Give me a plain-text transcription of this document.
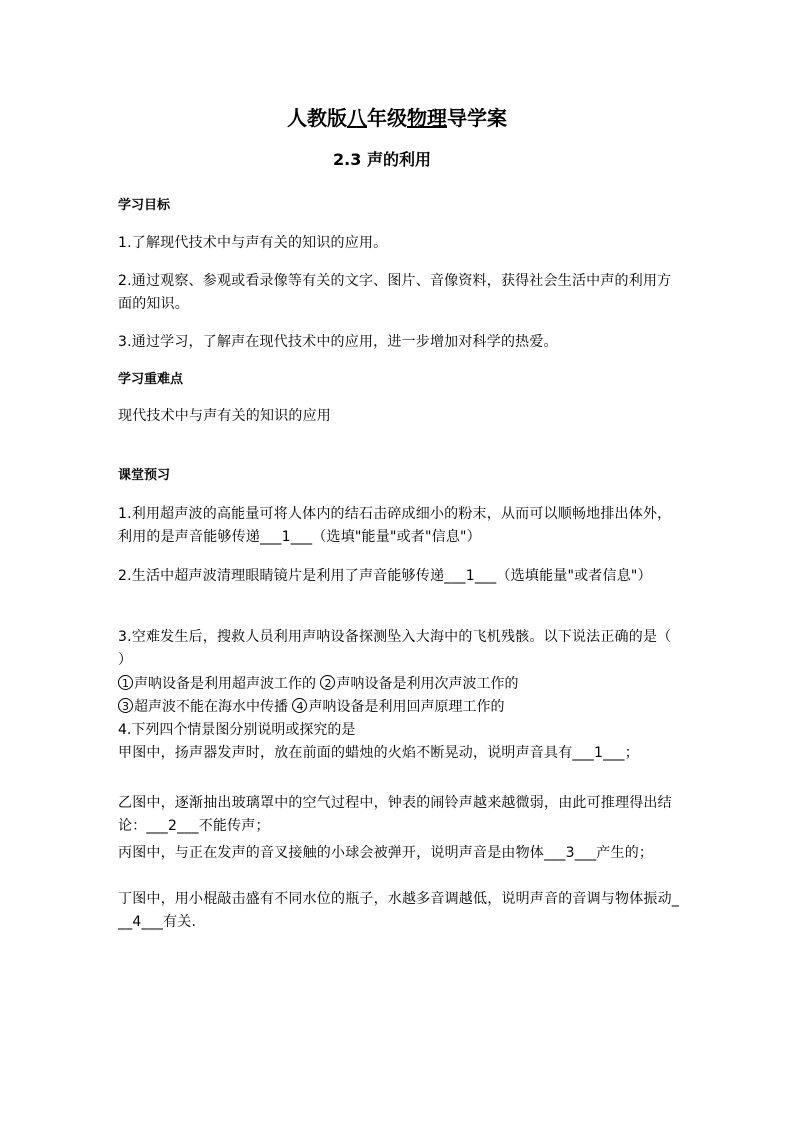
人教版八年级物理导学案
2.3 声的利用
学习目标
1.了解现代技术中与声有关的知识的应用。
2.通过观察、参观或看录像等有关的文字、图片、音像资料，获得社会生活中声的利用方面的知识。
3.通过学习，了解声在现代技术中的应用，进一步增加对科学的热爱。
学习重难点
现代技术中与声有关的知识的应用
课堂预习
1.利用超声波的高能量可将人体内的结石击碎成细小的粉末，从而可以顺畅地排出体外，利用的是声音能够传递___1___（选填"能量"或者"信息"）
2.生活中超声波清理眼睛镜片是利用了声音能够传递___1___（选填能量"或者信息"）
3.空难发生后，搜救人员利用声呐设备探测坠入大海中的飞机残骸。以下说法正确的是（　　）
1 声呐设备是利用超声波工作的 2 声呐设备是利用次声波工作的
3 超声波不能在海水中传播 4 声呐设备是利用回声原理工作的
4.下列四个情景图分别说明或探究的是
甲图中，扬声器发声时，放在前面的蜡烛的火焰不断晃动，说明声音具有___1___；
乙图中，逐渐抽出玻璃罩中的空气过程中，钟表的闹铃声越来越微弱，由此可推理得出结论：___2___不能传声；
丙图中，与正在发声的音叉接触的小球会被弹开，说明声音是由物体___3___产生的；
丁图中，用小棍敲击盛有不同水位的瓶子，水越多音调越低，说明声音的音调与物体振动___4___有关.
